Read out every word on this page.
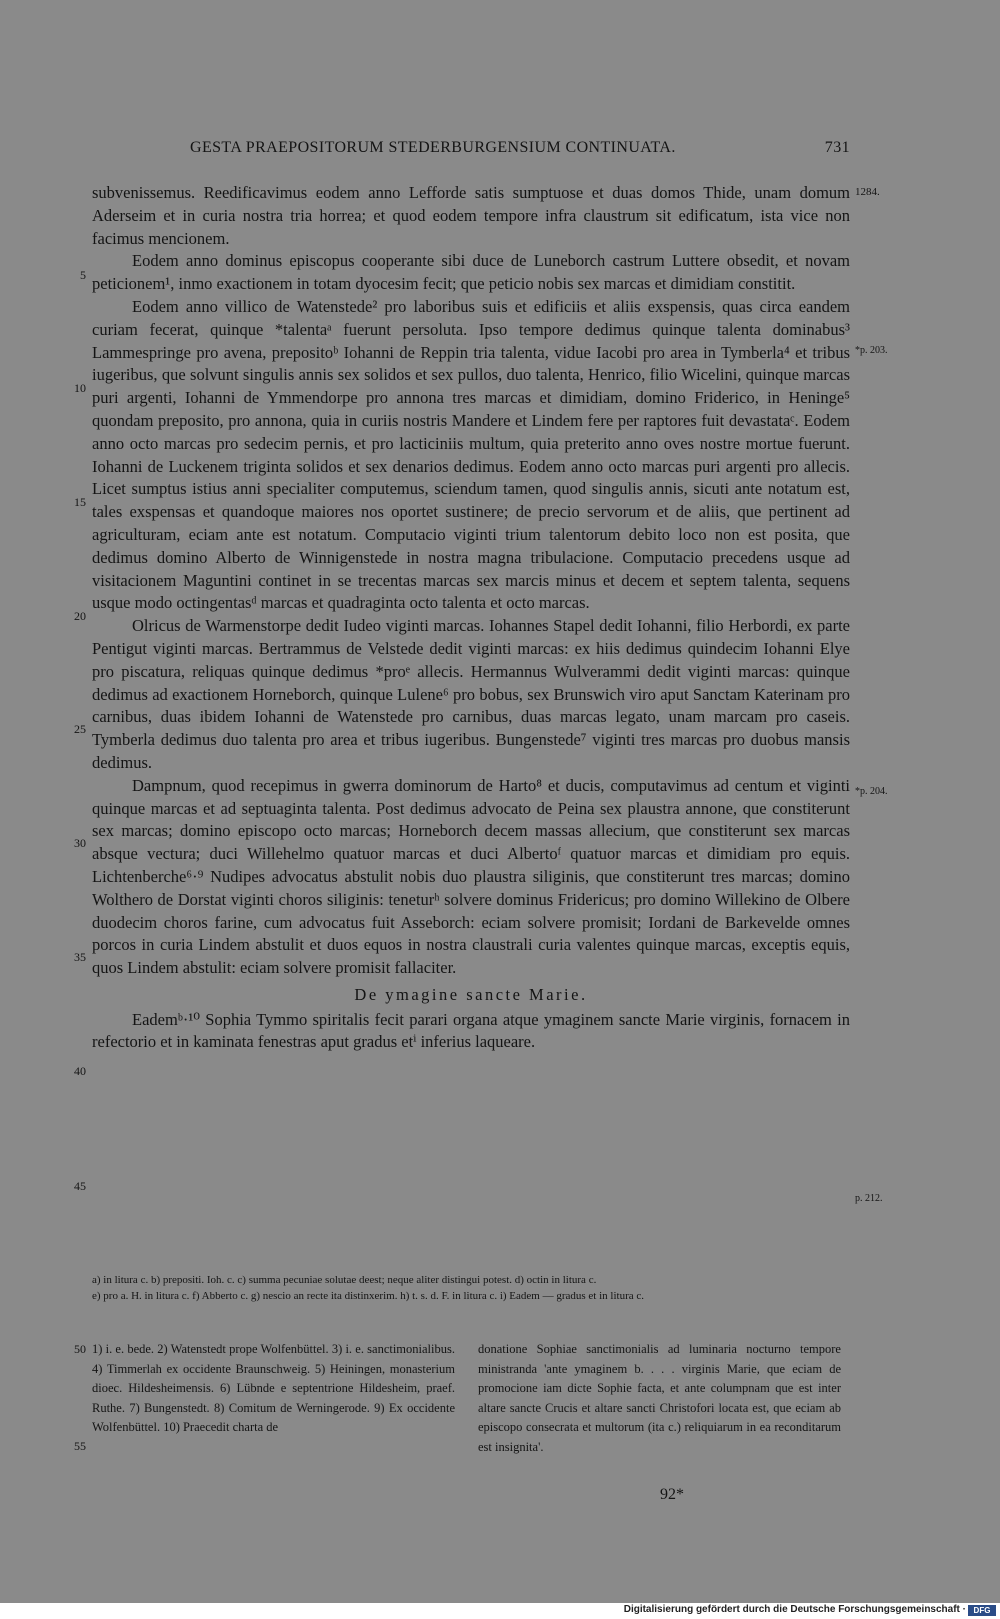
GESTA PRAEPOSITORUM STEDERBURGENSIUM CONTINUATA.	731

subvenissemus. Reedificavimus eodem anno Lefforde satis sumptuose et duas domos Thide, unam domum Aderseim et in curia nostra tria horrea; et quod eodem tempore infra claustrum sit edificatum, ista vice non facimus mencionem.

Eodem anno dominus episcopus cooperante sibi duce de Luneborch castrum Luttere obsedit, et novam peticionem¹, inmo exactionem in totam dyocesim fecit; que peticio nobis sex marcas et dimidiam constitit.

Eodem anno villico de Watenstede² pro laboribus suis et edificiis et aliis exspensis, quas circa eandem curiam fecerat, quinque *talentaᵃ fuerunt persoluta. Ipso tempore dedimus quinque talenta dominabus³ Lammespringe pro avena, prepositoᵇ Iohanni de Reppin tria talenta, vidue Iacobi pro area in Tymberla⁴ et tribus iugeribus, que solvunt singulis annis sex solidos et sex pullos, duo talenta, Henrico, filio Wicelini, quinque marcas puri argenti, Iohanni de Ymmendorpe pro annona tres marcas et dimidiam, domino Friderico, in Heninge⁵ quondam preposito, pro annona, quia in curiis nostris Mandere et Lindem fere per raptores fuit devastataᶜ. Eodem anno octo marcas pro sedecim pernis, et pro lacticiniis multum, quia preterito anno oves nostre mortue fuerunt. Iohanni de Luckenem triginta solidos et sex denarios dedimus. Eodem anno octo marcas puri argenti pro allecis. Licet sumptus istius anni specialiter computemus, sciendum tamen, quod singulis annis, sicuti ante notatum est, tales exspensas et quandoque maiores nos oportet sustinere; de precio servorum et de aliis, que pertinent ad agriculturam, eciam ante est notatum. Computacio viginti trium talentorum debito loco non est posita, que dedimus domino Alberto de Winnigenstede in nostra magna tribulacione. Computacio precedens usque ad visitacionem Maguntini continet in se trecentas marcas sex marcis minus et decem et septem talenta, sequens usque modo octingentasᵈ marcas et quadraginta octo talenta et octo marcas.

Olricus de Warmenstorpe dedit Iudeo viginti marcas. Iohannes Stapel dedit Iohanni, filio Herbordi, ex parte Pentigut viginti marcas. Bertrammus de Velstede dedit viginti marcas: ex hiis dedimus quindecim Iohanni Elye pro piscatura, reliquas quinque dedimus *proᵉ allecis. Hermannus Wulverammi dedit viginti marcas: quinque dedimus ad exactionem Horneborch, quinque Lulene⁶ pro bobus, sex Brunswich viro aput Sanctam Katerinam pro carnibus, duas ibidem Iohanni de Watenstede pro carnibus, duas marcas legato, unam marcam pro caseis. Tymberla dedimus duo talenta pro area et tribus iugeribus. Bungenstede⁷ viginti tres marcas pro duobus mansis dedimus.

Dampnum, quod recepimus in gwerra dominorum de Harto⁸ et ducis, computavimus ad centum et viginti quinque marcas et ad septuaginta talenta. Post dedimus advocato de Peina sex plaustra annone, que constiterunt sex marcas; domino episcopo octo marcas; Horneborch decem massas allecium, que constiterunt sex marcas absque vectura; duci Willehelmo quatuor marcas et duci Albertoᶠ quatuor marcas et dimidiam pro equis. Lichtenberche⁶·⁹ Nudipes advocatus abstulit nobis duo plaustra siliginis, que constiterunt tres marcas; domino Wolthero de Dorstat viginti choros siliginis: teneturʰ solvere dominus Fridericus; pro domino Willekino de Olbere duodecim choros farine, cum advocatus fuit Asseborch: eciam solvere promisit; Iordani de Barkevelde omnes porcos in curia Lindem abstulit et duos equos in nostra claustrali curia valentes quinque marcas, exceptis equis, quos Lindem abstulit: eciam solvere promisit fallaciter.

De ymagine sancte Marie.

Eademᵇ·¹⁰ Sophia Tymmo spiritalis fecit parari organa atque ymaginem sancte Marie virginis, fornacem in refectorio et in kaminata fenestras aput gradus etⁱ inferius laqueare.

5
10
15
20
25
30
35
40
45
50
55
1284.
*p. 203.
*p. 204.
p. 212.

a) in litura c. b) prepositi. Ioh. c. c) summa pecuniae solutae deest; neque aliter distingui potest. d) octin in litura c.

e) pro a. H. in litura c. f) Abberto c. g) nescio an recte ita distinxerim. h) t. s. d. F. in litura c. i) Eadem — gradus et in litura c.

1) i. e. bede. 2) Watenstedt prope Wolfenbüttel. 3) i. e. sanctimonialibus. 4) Timmerlah ex occidente Braunschweig. 5) Heiningen, monasterium dioec. Hildesheimensis. 6) Lübnde e septentrione Hildesheim, praef. Ruthe. 7) Bungenstedt. 8) Comitum de Werningerode. 9) Ex occidente Wolfenbüttel. 10) Praecedit charta de

donatione Sophiae sanctimonialis ad luminaria nocturno tempore ministranda 'ante ymaginem b. . . . virginis Marie, que eciam de promocione iam dicte Sophie facta, et ante columpnam que est inter altare sancte Crucis et altare sancti Christofori locata est, que eciam ab episcopo consecrata et multorum (ita c.) reliquiarum in ea reconditarum est insignita'.

92*
Digitalisierung gefördert durch die Deutsche Forschungsgemeinschaft · DFG
